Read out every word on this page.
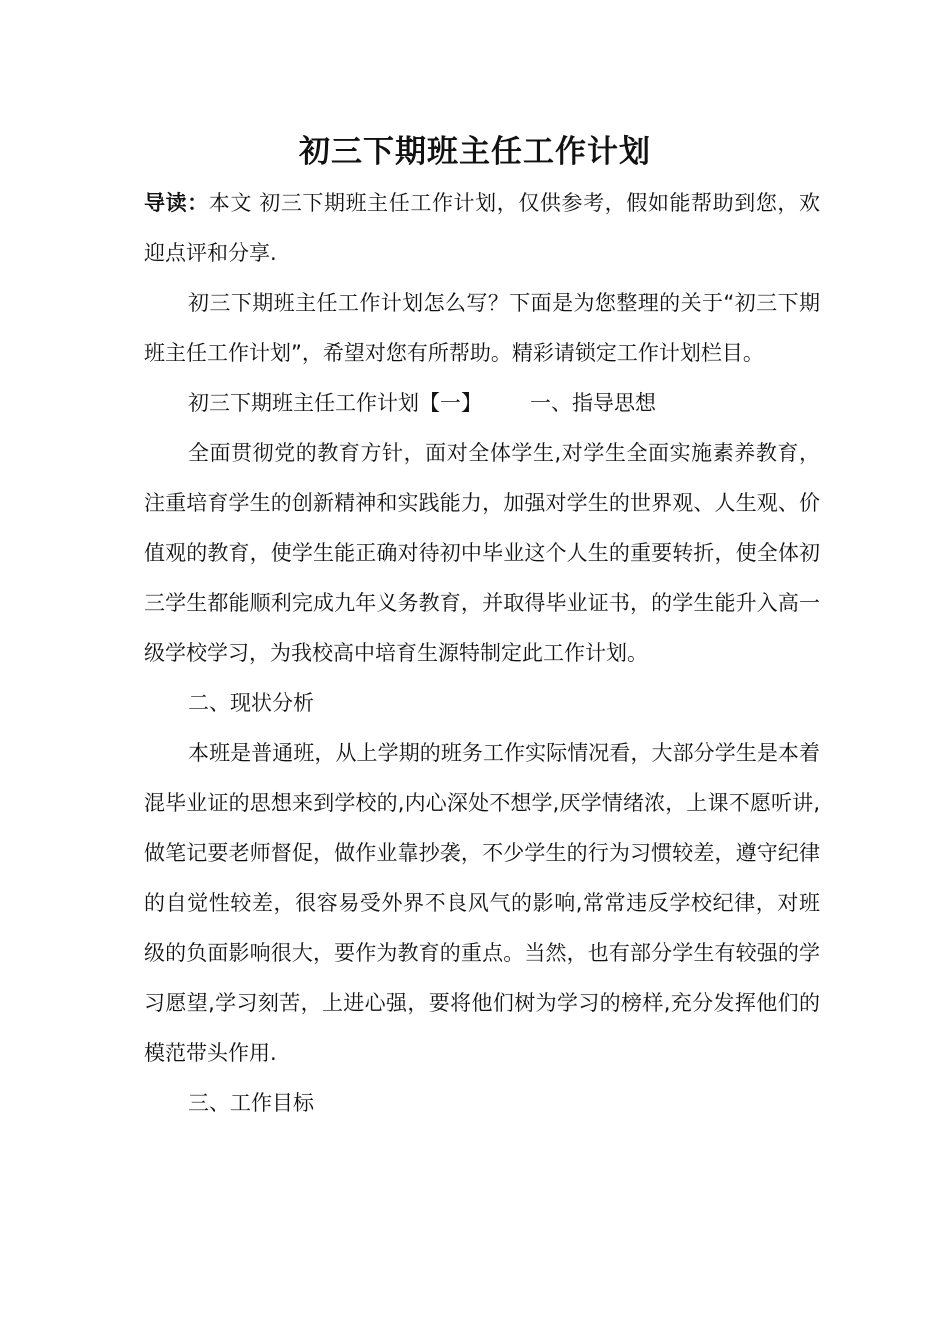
初三下期班主任工作计划

导读：本文 初三下期班主任工作计划，仅供参考，假如能帮助到您，欢迎点评和分享.

初三下期班主任工作计划怎么写？下面是为您整理的关于“初三下期班主任工作计划”，希望对您有所帮助。精彩请锁定工作计划栏目。

初三下期班主任工作计划【一】 一、指导思想

全面贯彻党的教育方针，面对全体学生,对学生全面实施素养教育，注重培育学生的创新精神和实践能力，加强对学生的世界观、人生观、价值观的教育，使学生能正确对待初中毕业这个人生的重要转折，使全体初三学生都能顺利完成九年义务教育，并取得毕业证书，的学生能升入高一级学校学习，为我校高中培育生源特制定此工作计划。

二、现状分析

本班是普通班，从上学期的班务工作实际情况看，大部分学生是本着混毕业证的思想来到学校的,内心深处不想学,厌学情绪浓，上课不愿听讲,做笔记要老师督促，做作业靠抄袭，不少学生的行为习惯较差，遵守纪律的自觉性较差，很容易受外界不良风气的影响,常常违反学校纪律，对班级的负面影响很大，要作为教育的重点。当然，也有部分学生有较强的学习愿望,学习刻苦，上进心强，要将他们树为学习的榜样,充分发挥他们的模范带头作用.

三、工作目标
